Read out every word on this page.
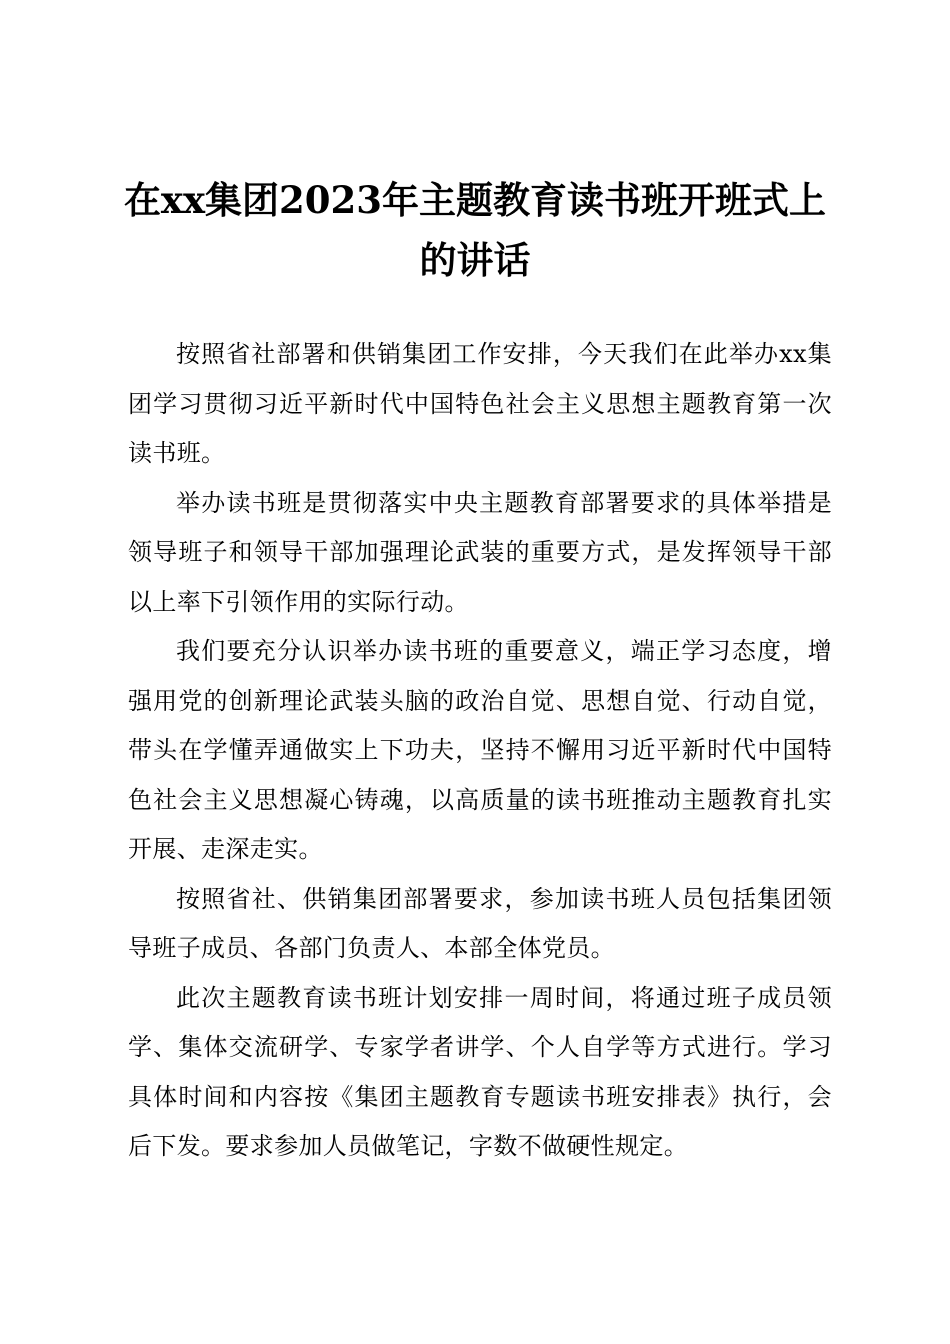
在xx集团2023年主题教育读书班开班式上的讲话

按照省社部署和供销集团工作安排，今天我们在此举办xx集团学习贯彻习近平新时代中国特色社会主义思想主题教育第一次读书班。

举办读书班是贯彻落实中央主题教育部署要求的具体举措是领导班子和领导干部加强理论武装的重要方式，是发挥领导干部以上率下引领作用的实际行动。

我们要充分认识举办读书班的重要意义，端正学习态度，增强用党的创新理论武装头脑的政治自觉、思想自觉、行动自觉，带头在学懂弄通做实上下功夫，坚持不懈用习近平新时代中国特色社会主义思想凝心铸魂，以高质量的读书班推动主题教育扎实开展、走深走实。

按照省社、供销集团部署要求，参加读书班人员包括集团领导班子成员、各部门负责人、本部全体党员。

此次主题教育读书班计划安排一周时间，将通过班子成员领学、集体交流研学、专家学者讲学、个人自学等方式进行。学习具体时间和内容按《集团主题教育专题读书班安排表》执行，会后下发。要求参加人员做笔记，字数不做硬性规定。
